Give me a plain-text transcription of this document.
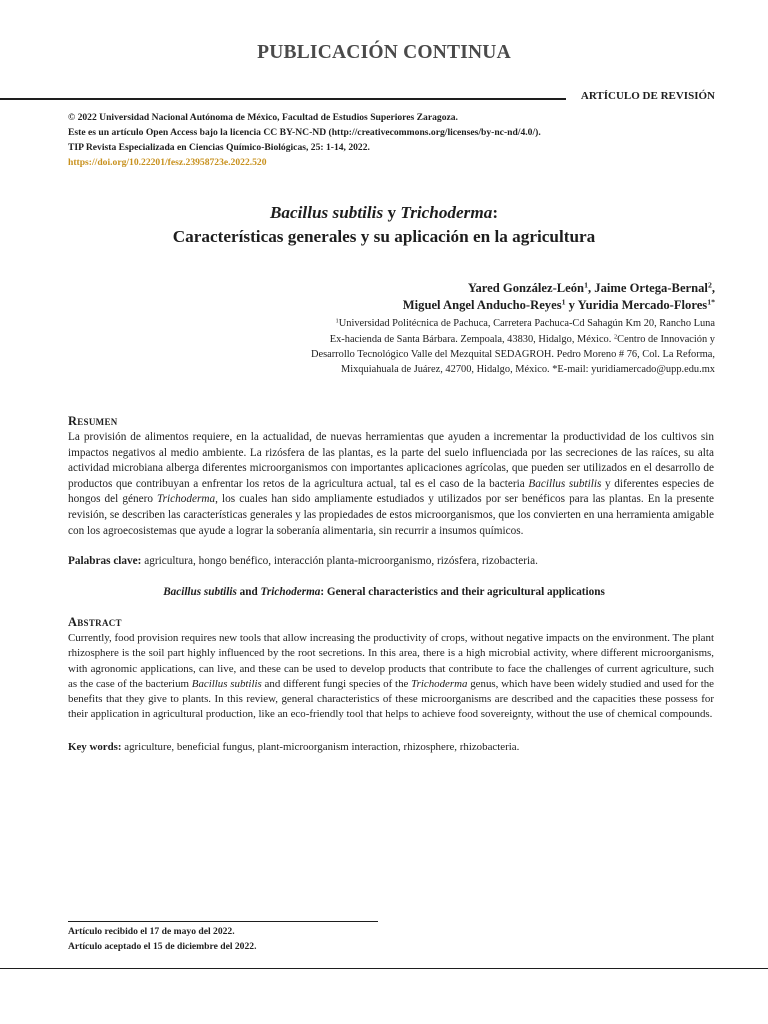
PUBLICACIÓN CONTINUA
ARTÍCULO DE REVISIÓN
© 2022 Universidad Nacional Autónoma de México, Facultad de Estudios Superiores Zaragoza.
Este es un artículo Open Access bajo la licencia CC BY-NC-ND (http://creativecommons.org/licenses/by-nc-nd/4.0/).
TIP Revista Especializada en Ciencias Químico-Biológicas, 25: 1-14, 2022.
https://doi.org/10.22201/fesz.23958723e.2022.520
Bacillus subtilis y Trichoderma:
Características generales y su aplicación en la agricultura
Yared González-León$^1$, Jaime Ortega-Bernal$^2$,
Miguel Angel Anducho-Reyes$^1$ y Yuridia Mercado-Flores$^{1*}$
$^1$Universidad Politécnica de Pachuca, Carretera Pachuca-Cd Sahagún Km 20, Rancho Luna
Ex-hacienda de Santa Bárbara. Zempoala, 43830, Hidalgo, México. $^2$Centro de Innovación y
Desarrollo Tecnológico Valle del Mezquital SEDAGROH. Pedro Moreno # 76, Col. La Reforma,
Mixquiahuala de Juárez, 42700, Hidalgo, México. *E-mail: yuridiamercado@upp.edu.mx
Resumen
La provisión de alimentos requiere, en la actualidad, de nuevas herramientas que ayuden a incrementar la productividad de los cultivos sin impactos negativos al medio ambiente. La rizósfera de las plantas, es la parte del suelo influenciada por las secreciones de las raíces, su alta actividad microbiana alberga diferentes microorganismos con importantes aplicaciones agrícolas, que pueden ser utilizados en el desarrollo de productos que contribuyan a enfrentar los retos de la agricultura actual, tal es el caso de la bacteria Bacillus subtilis y diferentes especies de hongos del género Trichoderma, los cuales han sido ampliamente estudiados y utilizados por ser benéficos para las plantas. En la presente revisión, se describen las características generales y las propiedades de estos microorganismos, que los convierten en una herramienta amigable con los agroecosistemas que ayude a lograr la soberanía alimentaria, sin recurrir a insumos químicos.
Palabras clave: agricultura, hongo benéfico, interacción planta-microorganismo, rizósfera, rizobacteria.
Bacillus subtilis and Trichoderma: General characteristics and their agricultural applications
Abstract
Currently, food provision requires new tools that allow increasing the productivity of crops, without negative impacts on the environment. The plant rhizosphere is the soil part highly influenced by the root secretions. In this area, there is a high microbial activity, where different microorganisms, with agronomic applications, can live, and these can be used to develop products that contribute to face the challenges of current agriculture, such as the case of the bacterium Bacillus subtilis and different fungi species of the Trichoderma genus, which have been widely studied and used for the benefits that they give to plants. In this review, general characteristics of these microorganisms are described and the capacities these possess for their application in agricultural production, like an eco-friendly tool that helps to achieve food sovereignty, without the use of chemical compounds.
Key words: agriculture, beneficial fungus, plant-microorganism interaction, rhizosphere, rhizobacteria.
Artículo recibido el 17 de mayo del 2022.
Artículo aceptado el 15 de diciembre del 2022.
